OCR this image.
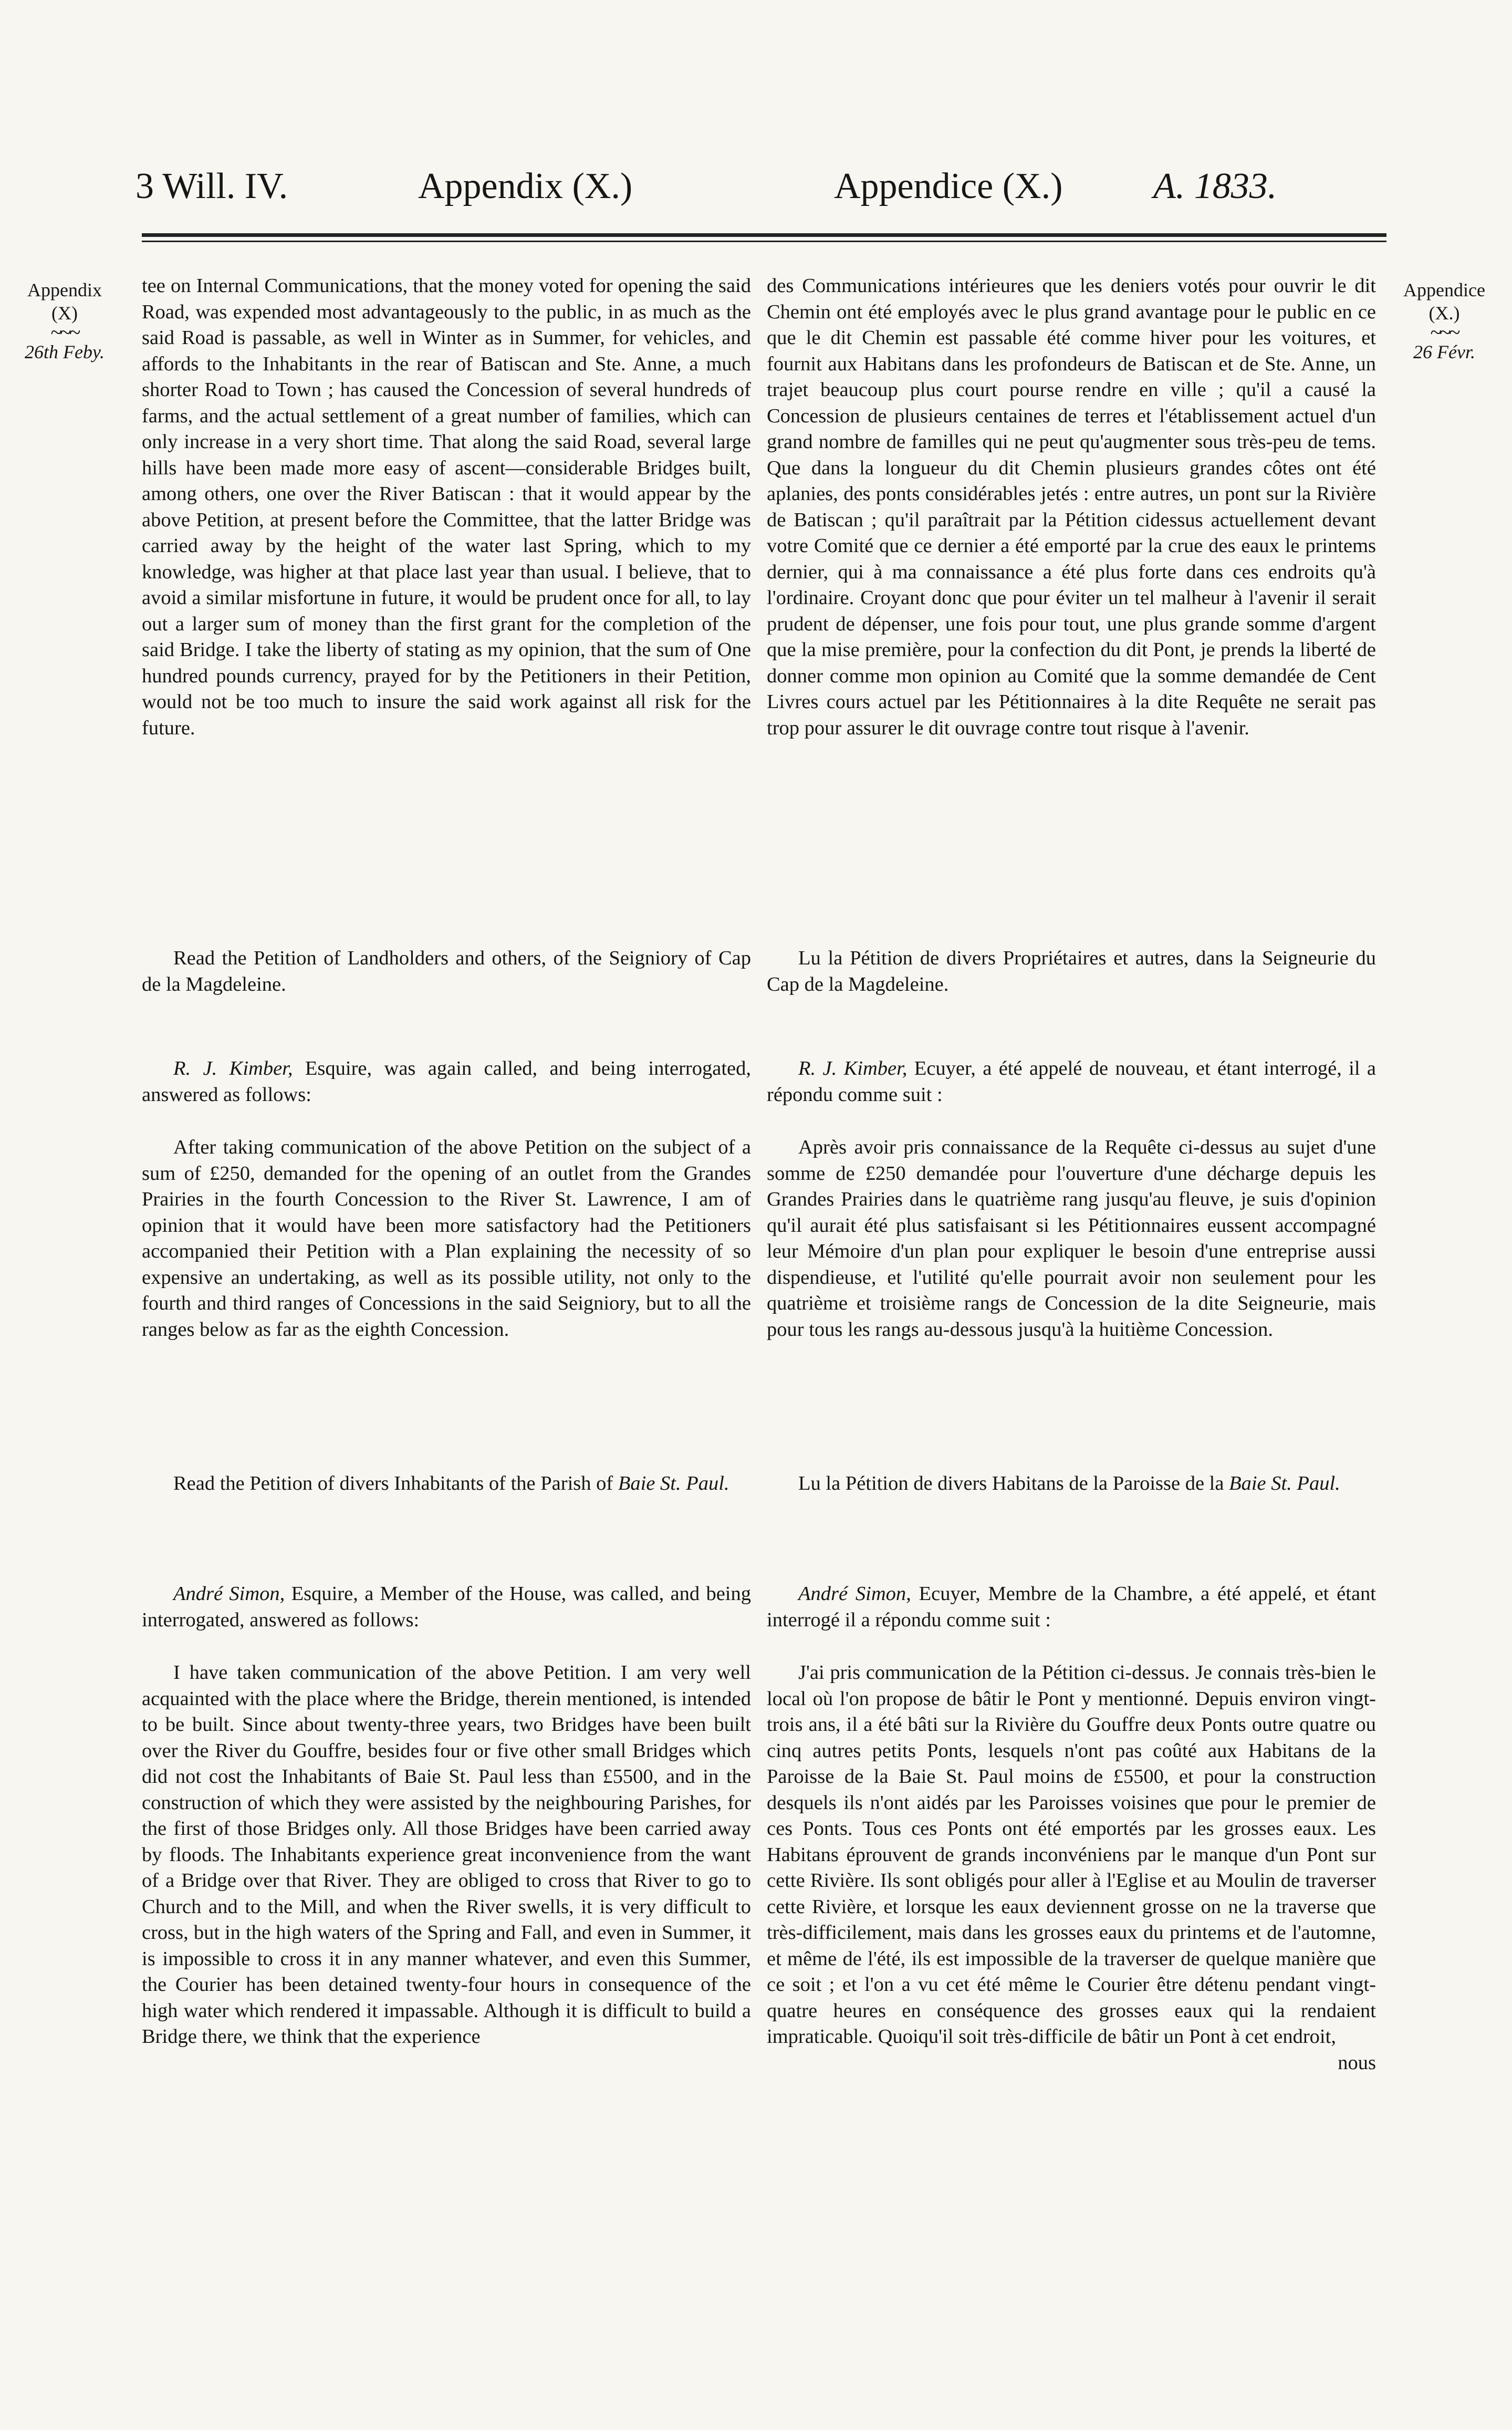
3 Will. IV.	Appendix (X.)	Appendice (X.) A. 1833.
Appendix
(X)
~~~
26th Feby.
Appendice
(X.)
~~~
26 Févr.

tee on Internal Communications, that the money voted for opening the said Road, was expended most advantageously to the public, in as much as the said Road is passable, as well in Winter as in Summer, for vehicles, and affords to the Inhabitants in the rear of Batiscan and Ste. Anne, a much shorter Road to Town ; has caused the Concession of several hundreds of farms, and the actual settlement of a great number of families, which can only increase in a very short time. That along the said Road, several large hills have been made more easy of ascent—considerable Bridges built, among others, one over the River Batiscan : that it would appear by the above Petition, at present before the Committee, that the latter Bridge was carried away by the height of the water last Spring, which to my knowledge, was higher at that place last year than usual. I believe, that to avoid a similar misfortune in future, it would be prudent once for all, to lay out a larger sum of money than the first grant for the completion of the said Bridge. I take the liberty of stating as my opinion, that the sum of One hundred pounds currency, prayed for by the Petitioners in their Petition, would not be too much to insure the said work against all risk for the future.

Read the Petition of Landholders and others, of the Seigniory of Cap de la Magdeleine.

R. J. Kimber, Esquire, was again called, and being interrogated, answered as follows:

After taking communication of the above Petition on the subject of a sum of £250, demanded for the opening of an outlet from the Grandes Prairies in the fourth Concession to the River St. Lawrence, I am of opinion that it would have been more satisfactory had the Petitioners accompanied their Petition with a Plan explaining the necessity of so expensive an undertaking, as well as its possible utility, not only to the fourth and third ranges of Concessions in the said Seigniory, but to all the ranges below as far as the eighth Concession.

Read the Petition of divers Inhabitants of the Parish of Baie St. Paul.

André Simon, Esquire, a Member of the House, was called, and being interrogated, answered as follows:

I have taken communication of the above Petition. I am very well acquainted with the place where the Bridge, therein mentioned, is intended to be built. Since about twenty-three years, two Bridges have been built over the River du Gouffre, besides four or five other small Bridges which did not cost the Inhabitants of Baie St. Paul less than £5500, and in the construction of which they were assisted by the neighbouring Parishes, for the first of those Bridges only. All those Bridges have been carried away by floods. The Inhabitants experience great inconvenience from the want of a Bridge over that River. They are obliged to cross that River to go to Church and to the Mill, and when the River swells, it is very difficult to cross, but in the high waters of the Spring and Fall, and even in Summer, it is impossible to cross it in any manner whatever, and even this Summer, the Courier has been detained twenty-four hours in consequence of the high water which rendered it impassable. Although it is difficult to build a Bridge there, we think that the experience

des Communications intérieures que les deniers votés pour ouvrir le dit Chemin ont été employés avec le plus grand avantage pour le public en ce que le dit Chemin est passable été comme hiver pour les voitures, et fournit aux Habitans dans les profondeurs de Batiscan et de Ste. Anne, un trajet beaucoup plus court pourse rendre en ville ; qu'il a causé la Concession de plusieurs centaines de terres et l'établissement actuel d'un grand nombre de familles qui ne peut qu'augmenter sous très-peu de tems. Que dans la longueur du dit Chemin plusieurs grandes côtes ont été aplanies, des ponts considérables jetés : entre autres, un pont sur la Rivière de Batiscan ; qu'il paraîtrait par la Pétition cidessus actuellement devant votre Comité que ce dernier a été emporté par la crue des eaux le printems dernier, qui à ma connaissance a été plus forte dans ces endroits qu'à l'ordinaire. Croyant donc que pour éviter un tel malheur à l'avenir il serait prudent de dépenser, une fois pour tout, une plus grande somme d'argent que la mise première, pour la confection du dit Pont, je prends la liberté de donner comme mon opinion au Comité que la somme demandée de Cent Livres cours actuel par les Pétitionnaires à la dite Requête ne serait pas trop pour assurer le dit ouvrage contre tout risque à l'avenir.

Lu la Pétition de divers Propriétaires et autres, dans la Seigneurie du Cap de la Magdeleine.

R. J. Kimber, Ecuyer, a été appelé de nouveau, et étant interrogé, il a répondu comme suit :

Après avoir pris connaissance de la Requête ci-dessus au sujet d'une somme de £250 demandée pour l'ouverture d'une décharge depuis les Grandes Prairies dans le quatrième rang jusqu'au fleuve, je suis d'opinion qu'il aurait été plus satisfaisant si les Pétitionnaires eussent accompagné leur Mémoire d'un plan pour expliquer le besoin d'une entreprise aussi dispendieuse, et l'utilité qu'elle pourrait avoir non seulement pour les quatrième et troisième rangs de Concession de la dite Seigneurie, mais pour tous les rangs au-dessous jusqu'à la huitième Concession.

Lu la Pétition de divers Habitans de la Paroisse de la Baie St. Paul.

André Simon, Ecuyer, Membre de la Chambre, a été appelé, et étant interrogé il a répondu comme suit :

J'ai pris communication de la Pétition ci-dessus. Je connais très-bien le local où l'on propose de bâtir le Pont y mentionné. Depuis environ vingt-trois ans, il a été bâti sur la Rivière du Gouffre deux Ponts outre quatre ou cinq autres petits Ponts, lesquels n'ont pas coûté aux Habitans de la Paroisse de la Baie St. Paul moins de £5500, et pour la construction desquels ils n'ont aidés par les Paroisses voisines que pour le premier de ces Ponts. Tous ces Ponts ont été emportés par les grosses eaux. Les Habitans éprouvent de grands inconvéniens par le manque d'un Pont sur cette Rivière. Ils sont obligés pour aller à l'Eglise et au Moulin de traverser cette Rivière, et lorsque les eaux deviennent grosse on ne la traverse que très-difficilement, mais dans les grosses eaux du printems et de l'automne, et même de l'été, ils est impossible de la traverser de quelque manière que ce soit ; et l'on a vu cet été même le Courier être détenu pendant vingt-quatre heures en conséquence des grosses eaux qui la rendaient impraticable. Quoiqu'il soit très-difficile de bâtir un Pont à cet endroit,

nous
